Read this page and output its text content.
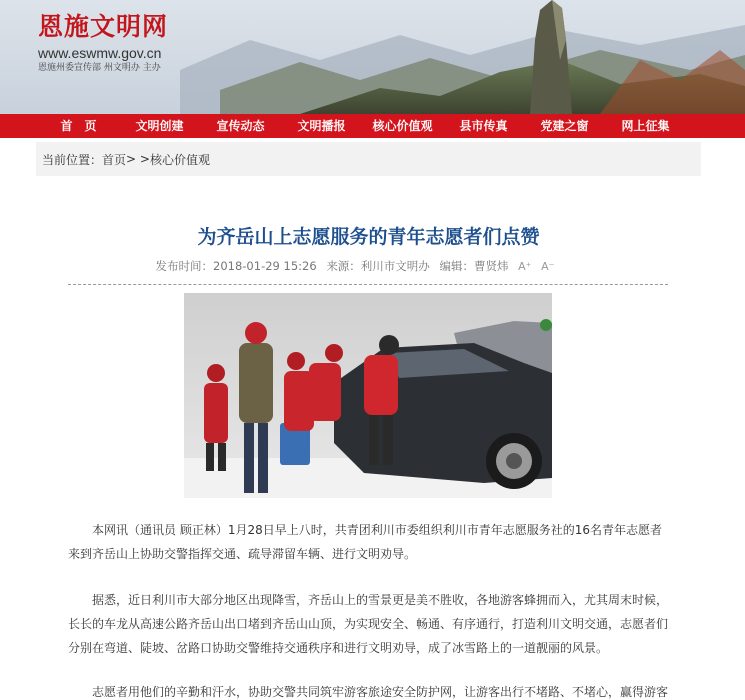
恩施文明网
www.eswmw.gov.cn
恩施州委宣传部 州文明办 主办
首　页	文明创建	宣传动态	文明播报	核心价值观	县市传真	党建之窗	网上征集
当前位置： 首页 > > 核心价值观
为齐岳山上志愿服务的青年志愿者们点赞
发布时间：2018-01-29 15:26 来源：利川市文明办 编辑：曹贤炜 A⁺ A⁻

本网讯（通讯员 顾正林）1月28日早上八时，共青团利川市委组织利川市青年志愿服务社的16名青年志愿者来到齐岳山上协助交警指挥交通、疏导滞留车辆、进行文明劝导。

据悉，近日利川市大部分地区出现降雪，齐岳山上的雪景更是美不胜收，各地游客蜂拥而入，尤其周末时候，长长的车龙从高速公路齐岳山出口堵到齐岳山山顶，为实现安全、畅通、有序通行，打造利川文明交通，志愿者们分别在弯道、陡坡、岔路口协助交警维持交通秩序和进行文明劝导，成了冰雪路上的一道靓丽的风景。

志愿者用他们的辛勤和汗水，协助交警共同筑牢游客旅途安全防护网，让游客出行不堵路、不堵心，赢得游客
